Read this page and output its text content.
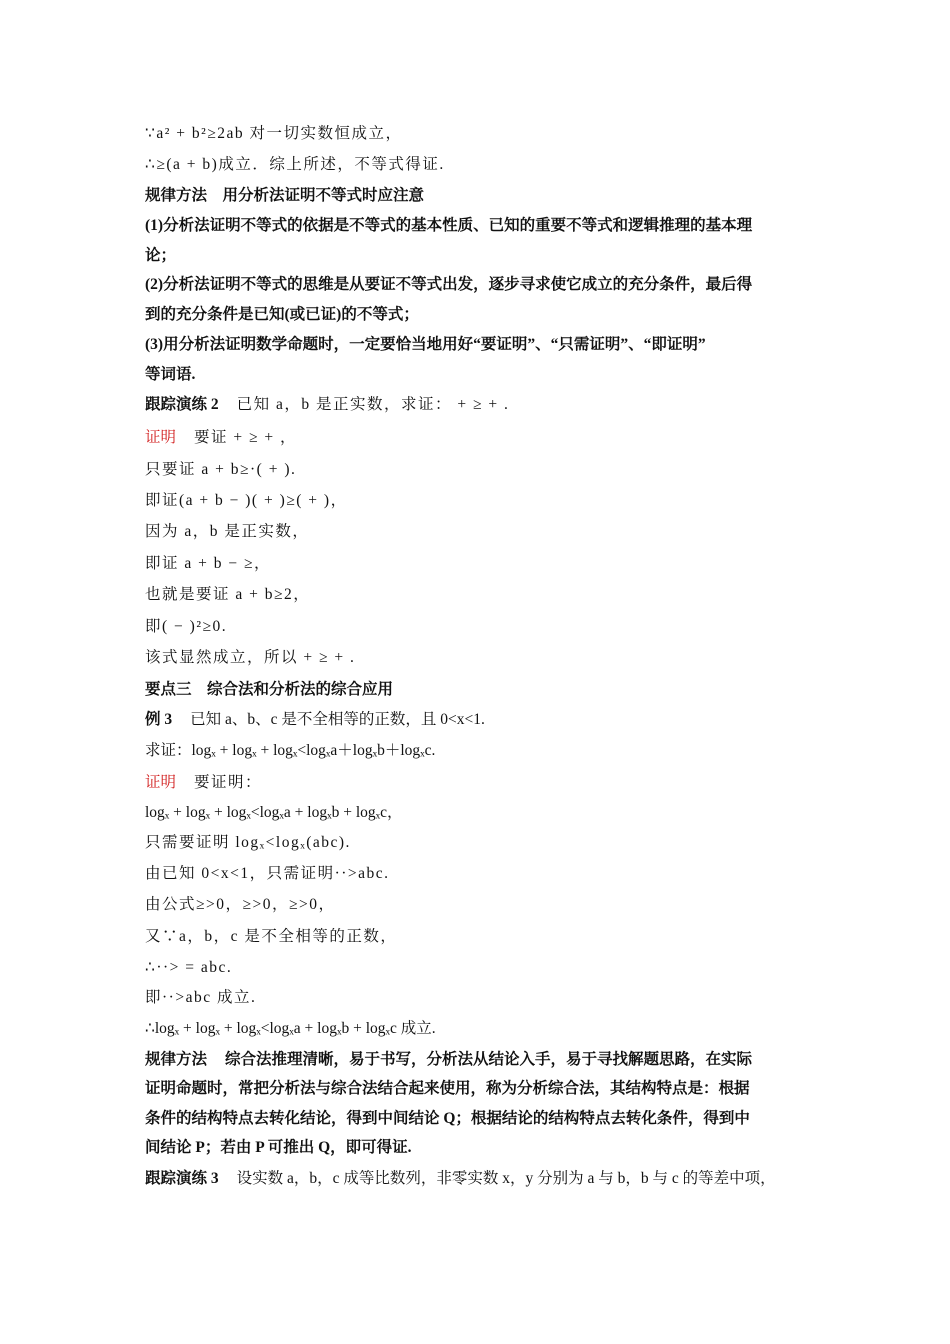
∵a² + b²≥2ab 对一切实数恒成立，
∴≥(a + b)成立．综上所述，不等式得证.
规律方法　用分析法证明不等式时应注意
(1)分析法证明不等式的依据是不等式的基本性质、已知的重要不等式和逻辑推理的基本理
论；
(2)分析法证明不等式的思维是从要证不等式出发，逐步寻求使它成立的充分条件，最后得
到的充分条件是已知(或已证)的不等式；
(3)用分析法证明数学命题时，一定要恰当地用好“要证明”、“只需证明”、“即证明”
等词语.
跟踪演练 2 已知 a，b 是正实数，求证： + ≥ + .
证明 要证 + ≥ + ，
只要证 a + b≥·( + ).
即证(a + b − )( + )≥( + )，
因为 a，b 是正实数，
即证 a + b − ≥，
也就是要证 a + b≥2，
即( − )²≥0.
该式显然成立，所以 + ≥ + .
要点三　综合法和分析法的综合应用
例 3 已知 a、b、c 是不全相等的正数，且 0<x<1.
求证：logₓ + logₓ + logₓ<logₓa＋logₓb＋logₓc.
证明 要证明：
logₓ + logₓ + logₓ<logₓa + logₓb + logₓc，
只需要证明 logₓ<logₓ(abc).
由已知 0<x<1，只需证明··>abc.
由公式≥>0，≥>0，≥>0，
又∵a，b，c 是不全相等的正数，
∴··> = abc.
即··>abc 成立.
∴logₓ + logₓ + logₓ<logₓa + logₓb + logₓc 成立.
规律方法 综合法推理清晰，易于书写，分析法从结论入手，易于寻找解题思路，在实际
证明命题时，常把分析法与综合法结合起来使用，称为分析综合法，其结构特点是：根据
条件的结构特点去转化结论，得到中间结论 Q；根据结论的结构特点去转化条件，得到中
间结论 P；若由 P 可推出 Q，即可得证.
跟踪演练 3 设实数 a，b，c 成等比数列，非零实数 x，y 分别为 a 与 b，b 与 c 的等差中项，
